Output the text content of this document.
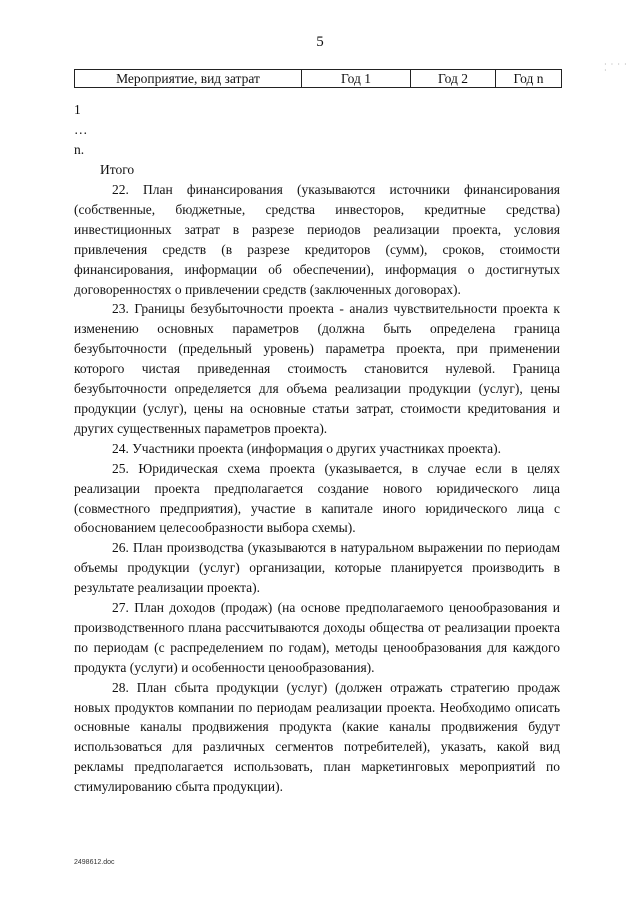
5
· · · · ·
Мероприятие, вид затрат	Год 1	Год 2	Год n
1
…
n.
Итого

22. План финансирования (указываются источники финансирования (собственные, бюджетные, средства инвесторов, кредитные средства) инвестиционных затрат в разрезе периодов реализации проекта, условия привлечения средств (в разрезе кредиторов (сумм), сроков, стоимости финансирования, информации об обеспечении), информация о достигнутых договоренностях о привлечении средств (заключенных договорах).

23. Границы безубыточности проекта - анализ чувствительности проекта к изменению основных параметров (должна быть определена граница безубыточности (предельный уровень) параметра проекта, при применении которого чистая приведенная стоимость становится нулевой. Граница безубыточности определяется для объема реализации продукции (услуг), цены продукции (услуг), цены на основные статьи затрат, стоимости кредитования и других существенных параметров проекта).

24. Участники проекта (информация о других участниках проекта).

25. Юридическая схема проекта (указывается, в случае если в целях реализации проекта предполагается создание нового юридического лица (совместного предприятия), участие в капитале иного юридического лица с обоснованием целесообразности выбора схемы).

26. План производства (указываются в натуральном выражении по периодам объемы продукции (услуг) организации, которые планируется производить в результате реализации проекта).

27. План доходов (продаж) (на основе предполагаемого ценообразования и производственного плана рассчитываются доходы общества от реализации проекта по периодам (с распределением по годам), методы ценообразования для каждого продукта (услуги) и особенности ценообразования).

28. План сбыта продукции (услуг) (должен отражать стратегию продаж новых продуктов компании по периодам реализации проекта. Необходимо описать основные каналы продвижения продукта (какие каналы продвижения будут использоваться для различных сегментов потребителей), указать, какой вид рекламы предполагается использовать, план маркетинговых мероприятий по стимулированию сбыта продукции).

2498612.doc
